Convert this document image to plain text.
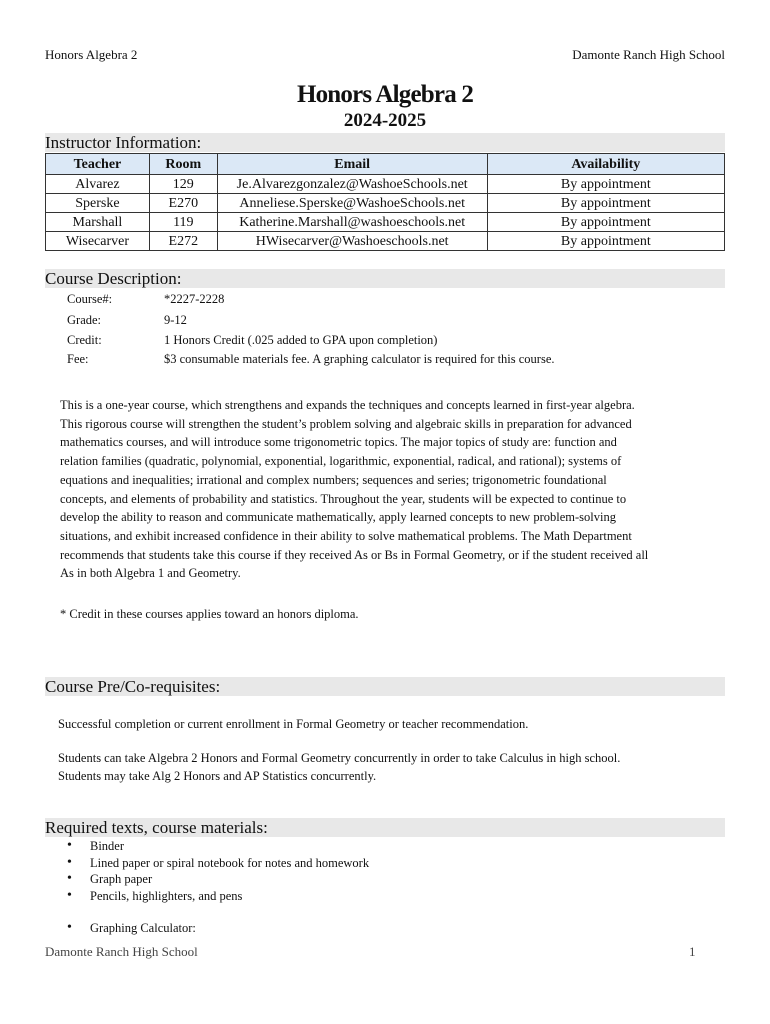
Honors Algebra 2	Damonte Ranch High School
Honors Algebra 2
2024-2025
Instructor Information:
Teacher	Room	Email	Availability
Alvarez	129	Je.Alvarezgonzalez@WashoeSchools.net	By appointment
Sperske	E270	Anneliese.Sperske@WashoeSchools.net	By appointment
Marshall	119	Katherine.Marshall@washoeschools.net	By appointment
Wisecarver	E272	HWisecarver@Washoeschools.net	By appointment
Course Description:
Course#:	*2227-2228
Grade:	9-12
Credit:	1 Honors Credit (.025 added to GPA upon completion)
Fee:	$3 consumable materials fee. A graphing calculator is required for this course.
This is a one-year course, which strengthens and expands the techniques and concepts learned in first-year algebra.
This rigorous course will strengthen the student’s problem solving and algebraic skills in preparation for advanced
mathematics courses, and will introduce some trigonometric topics. The major topics of study are: function and
relation families (quadratic, polynomial, exponential, logarithmic, exponential, radical, and rational); systems of
equations and inequalities; irrational and complex numbers; sequences and series; trigonometric foundational
concepts, and elements of probability and statistics. Throughout the year, students will be expected to continue to
develop the ability to reason and communicate mathematically, apply learned concepts to new problem-solving
situations, and exhibit increased confidence in their ability to solve mathematical problems. The Math Department
recommends that students take this course if they received As or Bs in Formal Geometry, or if the student received all
As in both Algebra 1 and Geometry.
* Credit in these courses applies toward an honors diploma.
Course Pre/Co-requisites:
Successful completion or current enrollment in Formal Geometry or teacher recommendation.
Students can take Algebra 2 Honors and Formal Geometry concurrently in order to take Calculus in high school.
Students may take Alg 2 Honors and AP Statistics concurrently.
Required texts, course materials:
• Binder
• Lined paper or spiral notebook for notes and homework
• Graph paper
• Pencils, highlighters, and pens
• Graphing Calculator:
Damonte Ranch High School	1
